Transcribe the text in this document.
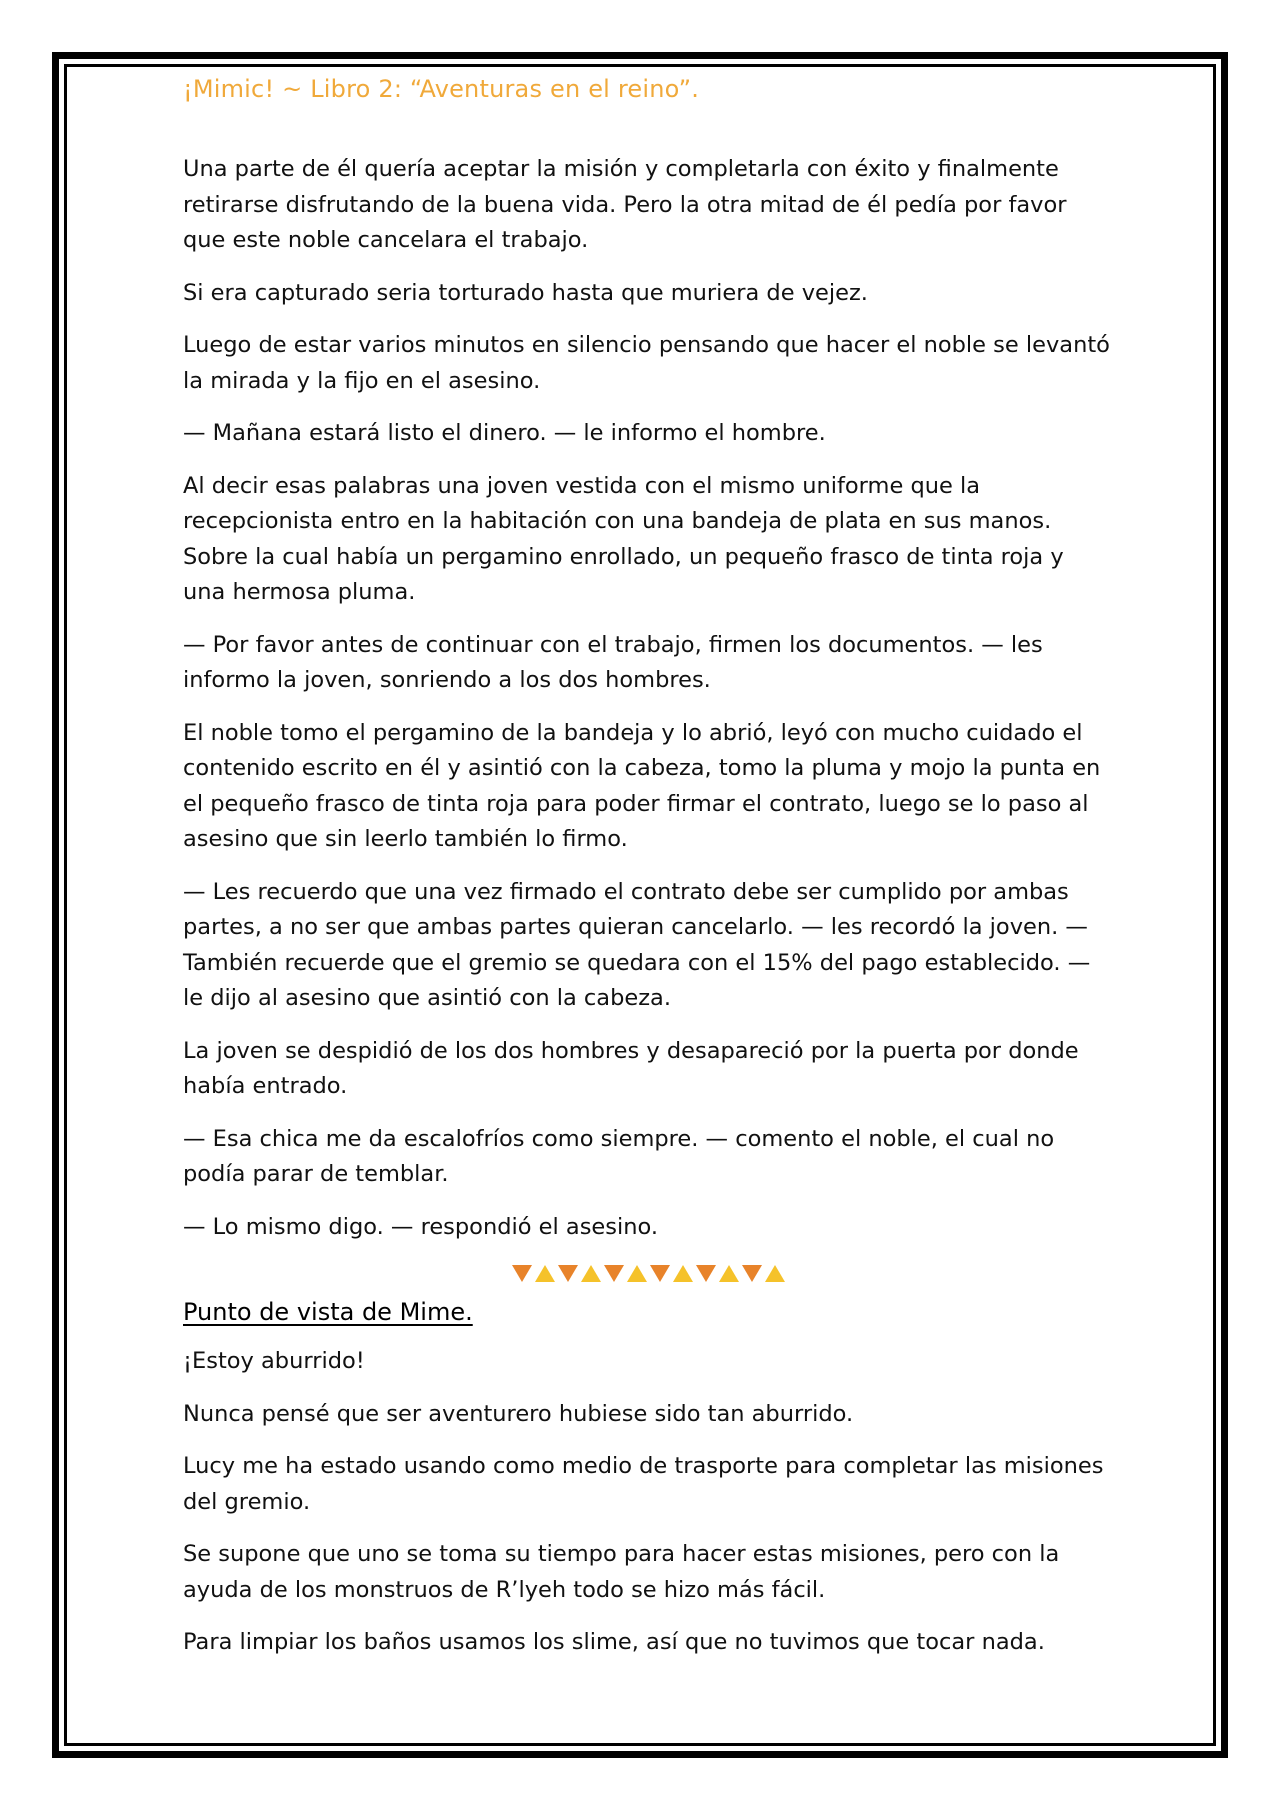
¡Mimic! ~ Libro 2: “Aventuras en el reino”.

Una parte de él quería aceptar la misión y completarla con éxito y finalmente retirarse disfrutando de la buena vida. Pero la otra mitad de él pedía por favor que este noble cancelara el trabajo.

Si era capturado seria torturado hasta que muriera de vejez.

Luego de estar varios minutos en silencio pensando que hacer el noble se levantó la mirada y la fijo en el asesino.

— Mañana estará listo el dinero. — le informo el hombre.

Al decir esas palabras una joven vestida con el mismo uniforme que la recepcionista entro en la habitación con una bandeja de plata en sus manos. Sobre la cual había un pergamino enrollado, un pequeño frasco de tinta roja y una hermosa pluma.

— Por favor antes de continuar con el trabajo, firmen los documentos. — les informo la joven, sonriendo a los dos hombres.

El noble tomo el pergamino de la bandeja y lo abrió, leyó con mucho cuidado el contenido escrito en él y asintió con la cabeza, tomo la pluma y mojo la punta en el pequeño frasco de tinta roja para poder firmar el contrato, luego se lo paso al asesino que sin leerlo también lo firmo.

— Les recuerdo que una vez firmado el contrato debe ser cumplido por ambas partes, a no ser que ambas partes quieran cancelarlo. — les recordó la joven. — También recuerde que el gremio se quedara con el 15% del pago establecido. — le dijo al asesino que asintió con la cabeza.

La joven se despidió de los dos hombres y desapareció por la puerta por donde había entrado.

— Esa chica me da escalofríos como siempre. — comento el noble, el cual no podía parar de temblar.

— Lo mismo digo. — respondió el asesino.

Punto de vista de Mime.

¡Estoy aburrido!

Nunca pensé que ser aventurero hubiese sido tan aburrido.

Lucy me ha estado usando como medio de trasporte para completar las misiones del gremio.

Se supone que uno se toma su tiempo para hacer estas misiones, pero con la ayuda de los monstruos de R’lyeh todo se hizo más fácil.

Para limpiar los baños usamos los slime, así que no tuvimos que tocar nada.
